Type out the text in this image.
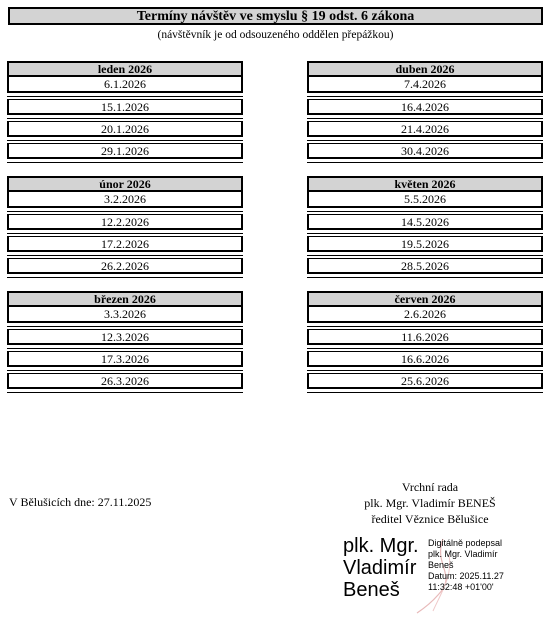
Termíny návštěv ve smyslu § 19 odst. 6 zákona
(návštěvník je od odsouzeného oddělen přepážkou)
leden 2026
6.1.2026
15.1.2026
20.1.2026
29.1.2026
duben 2026
7.4.2026
16.4.2026
21.4.2026
30.4.2026
únor 2026
3.2.2026
12.2.2026
17.2.2026
26.2.2026
květen 2026
5.5.2026
14.5.2026
19.5.2026
28.5.2026
březen 2026
3.3.2026
12.3.2026
17.3.2026
26.3.2026
červen 2026
2.6.2026
11.6.2026
16.6.2026
25.6.2026
V Bělušicích dne: 27.11.2025
Vrchní rada
plk. Mgr. Vladimír BENEŠ
ředitel Věznice Bělušice
plk. Mgr.
Vladimír
Beneš
Digitálně podepsal
plk. Mgr. Vladimír
Beneš
Datum: 2025.11.27
11:32:48 +01'00'
